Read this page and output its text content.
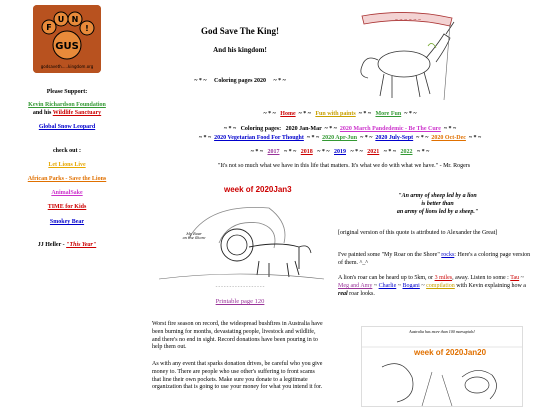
F
U N
!
GUS
godsaveth.....kingdom.org
Please Support:
Kevin Richardson Foundation
and his Wildlife Sanctuary
Global Snow Leopard
check out :
Let Lions Live
African Parks - Save the Lions
AnimalSake
TIME for Kids
Smokey Bear
JJ Heller - "This Year"
God Save The King!
And his kingdom!
~ * ~     Coloring pages 2020     ~ * ~
~ ~ ~ ~ ~ ~
~ * ~   Home  ~ * ~   Fun with paints  ~ * ~   More Fun  ~ * ~
~ * ~   Coloring pages: 2020 Jan-Mar  ~ * ~  2020 March Pandedemic - Be The Cure  ~ * ~
~ * ~  2020 Vegetarian Food For Thought  ~ * ~  2020 Apr-Jun  ~ * ~  2020 July-Sept  ~ * ~  2020 Oct-Dec  ~ * ~
~ * ~   2017   ~ * ~   2018   ~ * ~   2019   ~ * ~   2021   ~ * ~   2022   ~ * ~
"It's not so much what we have in this life that matters. It's what we do with what we have." - Mr. Rogers
My Roar
on the Shore
~ ~ ~ ~ ~ ~ ~ ~ ~ ~ ~ ~ ~ ~ ~ ~ ~ ~
week of 2020Jan3
Printable page 120
"An army of sheep led by a lion
is better than
an army of lions led by a sheep."
[original version of this quote is attributed to Alexander the Great]
I've painted some "My Roar on the Shore" rocks: Here's a coloring page version of them. ^_^
A lion's roar can be heard up to 5km, or 3 miles, away. Listen to some : Tau ~ Meg and Amy ~ Charlie ~ Bogani ~ compilation with Kevin explaining how a real roar looks.
Worst fire season on record, the widespread bushfires in Australia have been burning for months, devastating people, livestock and wildlife, and there's no end in sight. Record donations have been pouring in to help them out.
As with any event that sparks donation drives, be careful who you give money to. There are people who use other's suffering to front scams that line their own pockets. Make sure you donate to a legitimate organization that is going to use your money for what you intend it for.
Australia has more than 100 marsupials!
week of 2020Jan20
